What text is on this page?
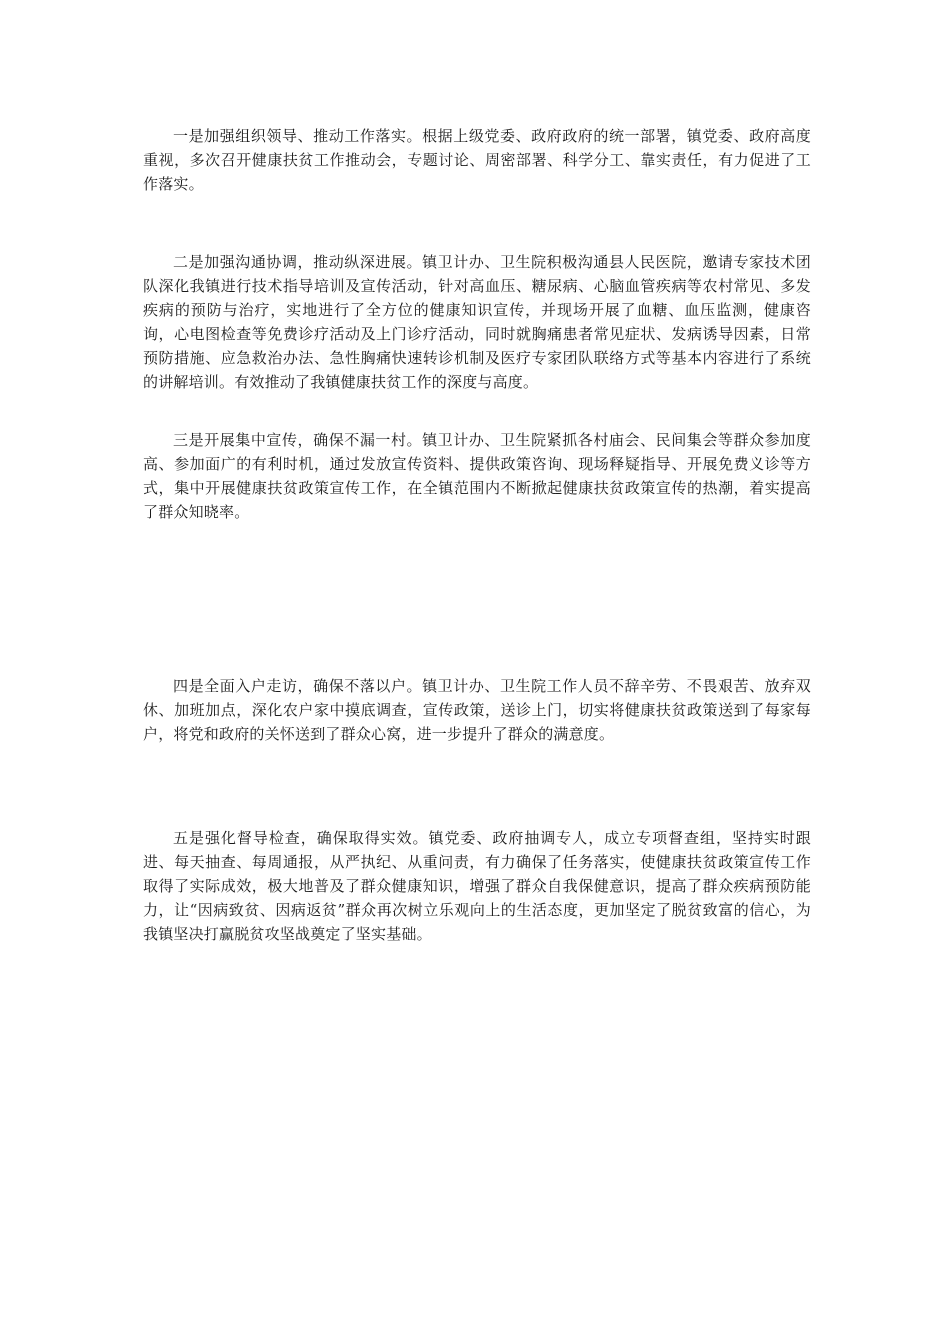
一是加强组织领导、推动工作落实。根据上级党委、政府政府的统一部署，镇党委、政府高度重视，多次召开健康扶贫工作推动会，专题讨论、周密部署、科学分工、靠实责任，有力促进了工作落实。

二是加强沟通协调，推动纵深进展。镇卫计办、卫生院积极沟通县人民医院，邀请专家技术团队深化我镇进行技术指导培训及宣传活动，针对高血压、糖尿病、心脑血管疾病等农村常见、多发疾病的预防与治疗，实地进行了全方位的健康知识宣传，并现场开展了血糖、血压监测，健康咨询，心电图检查等免费诊疗活动及上门诊疗活动，同时就胸痛患者常见症状、发病诱导因素，日常预防措施、应急救治办法、急性胸痛快速转诊机制及医疗专家团队联络方式等基本内容进行了系统的讲解培训。有效推动了我镇健康扶贫工作的深度与高度。

三是开展集中宣传，确保不漏一村。镇卫计办、卫生院紧抓各村庙会、民间集会等群众参加度高、参加面广的有利时机，通过发放宣传资料、提供政策咨询、现场释疑指导、开展免费义诊等方式，集中开展健康扶贫政策宣传工作，在全镇范围内不断掀起健康扶贫政策宣传的热潮，着实提高了群众知晓率。

四是全面入户走访，确保不落以户。镇卫计办、卫生院工作人员不辞辛劳、不畏艰苦、放弃双休、加班加点，深化农户家中摸底调查，宣传政策，送诊上门，切实将健康扶贫政策送到了每家每户，将党和政府的关怀送到了群众心窝，进一步提升了群众的满意度。

五是强化督导检查，确保取得实效。镇党委、政府抽调专人，成立专项督查组，坚持实时跟进、每天抽查、每周通报，从严执纪、从重问责，有力确保了任务落实，使健康扶贫政策宣传工作取得了实际成效，极大地普及了群众健康知识，增强了群众自我保健意识，提高了群众疾病预防能力，让“因病致贫、因病返贫”群众再次树立乐观向上的生活态度，更加坚定了脱贫致富的信心，为我镇坚决打赢脱贫攻坚战奠定了坚实基础。
